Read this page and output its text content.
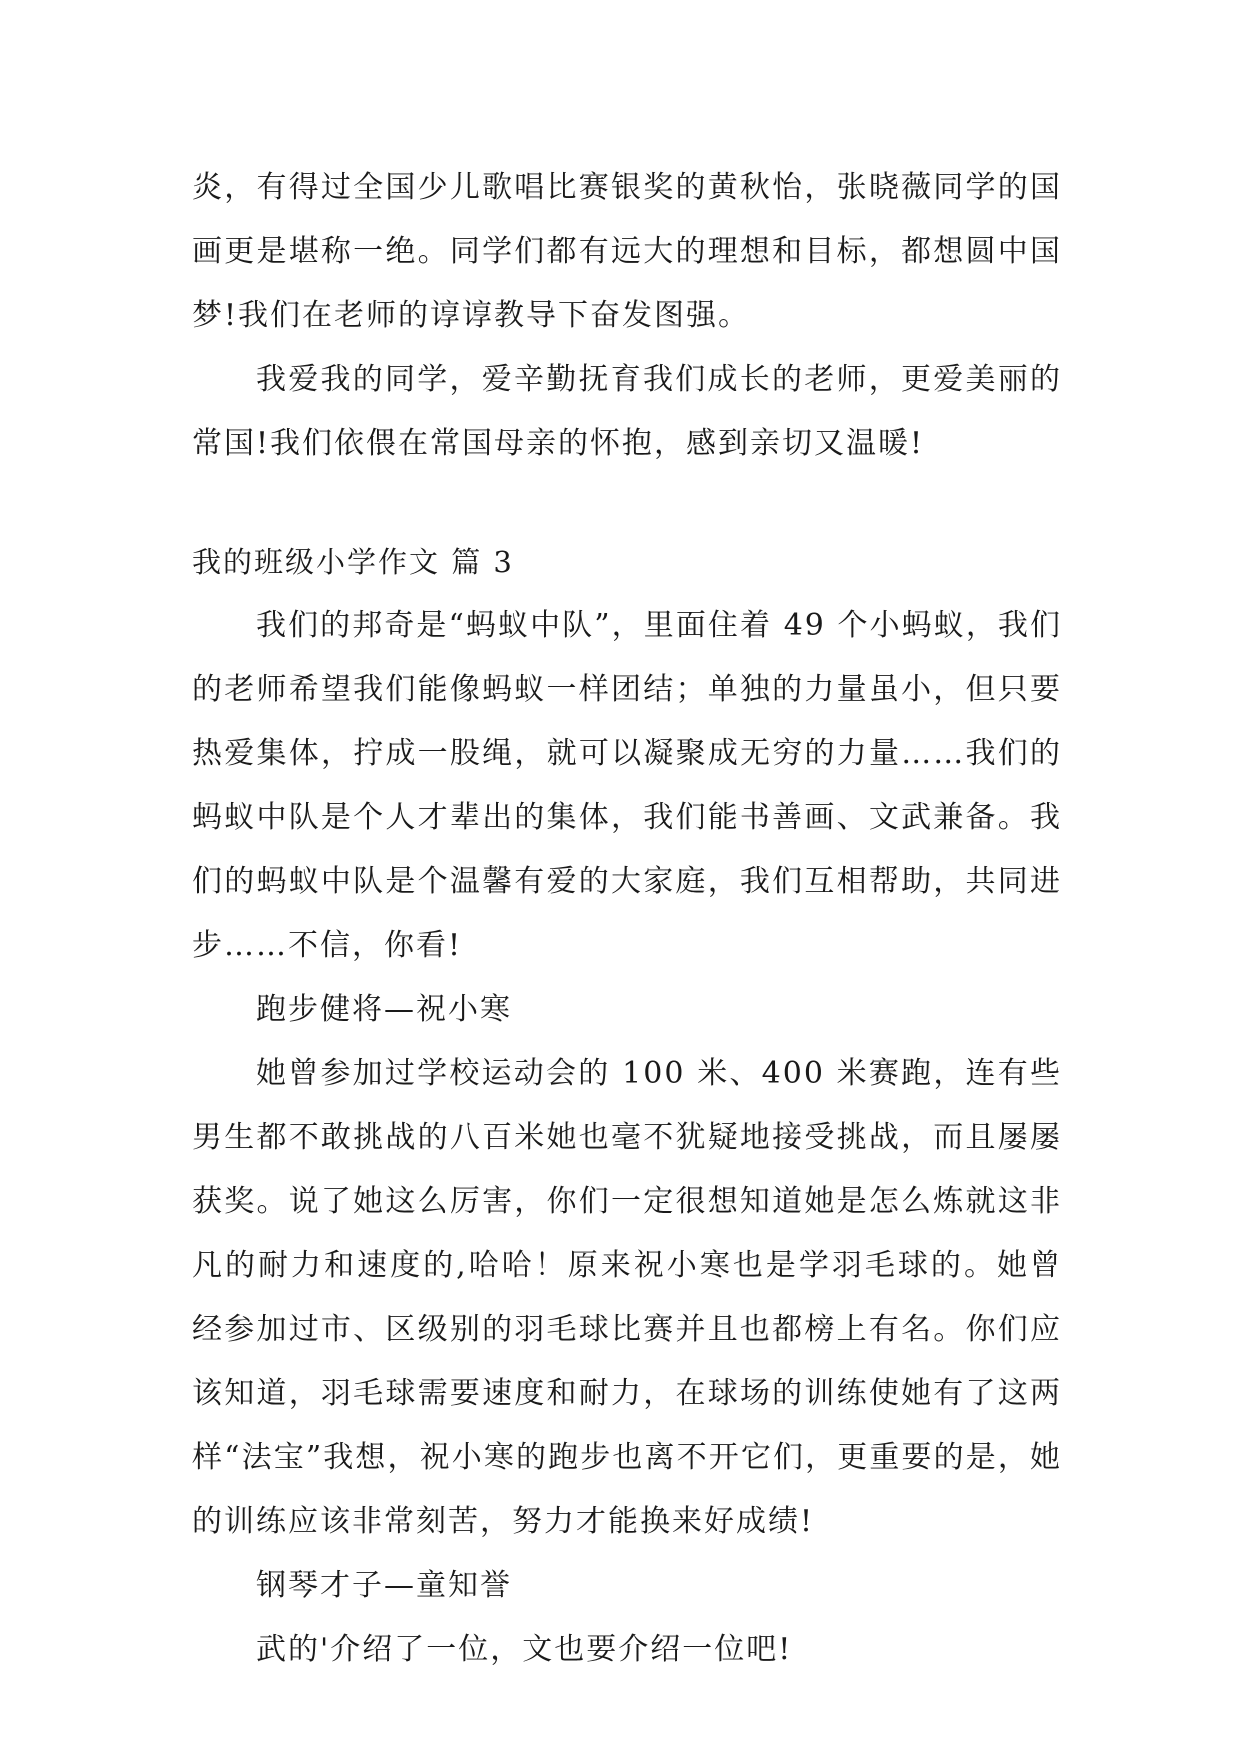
炎，有得过全国少儿歌唱比赛银奖的黄秋怡，张晓薇同学的国画更是堪称一绝。同学们都有远大的理想和目标，都想圆中国梦!我们在老师的谆谆教导下奋发图强。

我爱我的同学，爱辛勤抚育我们成长的老师，更爱美丽的常国!我们依偎在常国母亲的怀抱，感到亲切又温暖!

我的班级小学作文 篇 3

我们的邦奇是“蚂蚁中队”，里面住着 49 个小蚂蚁，我们的老师希望我们能像蚂蚁一样团结；单独的力量虽小，但只要热爱集体，拧成一股绳，就可以凝聚成无穷的力量……我们的蚂蚁中队是个人才辈出的集体，我们能书善画、文武兼备。我们的蚂蚁中队是个温馨有爱的大家庭，我们互相帮助，共同进步……不信，你看!

跑步健将—祝小寒

她曾参加过学校运动会的 100 米、400 米赛跑，连有些男生都不敢挑战的八百米她也毫不犹疑地接受挑战，而且屡屡获奖。说了她这么厉害，你们一定很想知道她是怎么炼就这非凡的耐力和速度的,哈哈！原来祝小寒也是学羽毛球的。她曾经参加过市、区级别的羽毛球比赛并且也都榜上有名。你们应该知道，羽毛球需要速度和耐力，在球场的训练使她有了这两样“法宝”我想，祝小寒的跑步也离不开它们，更重要的是，她的训练应该非常刻苦，努力才能换来好成绩!

钢琴才子—童知誉

武的'介绍了一位，文也要介绍一位吧!
